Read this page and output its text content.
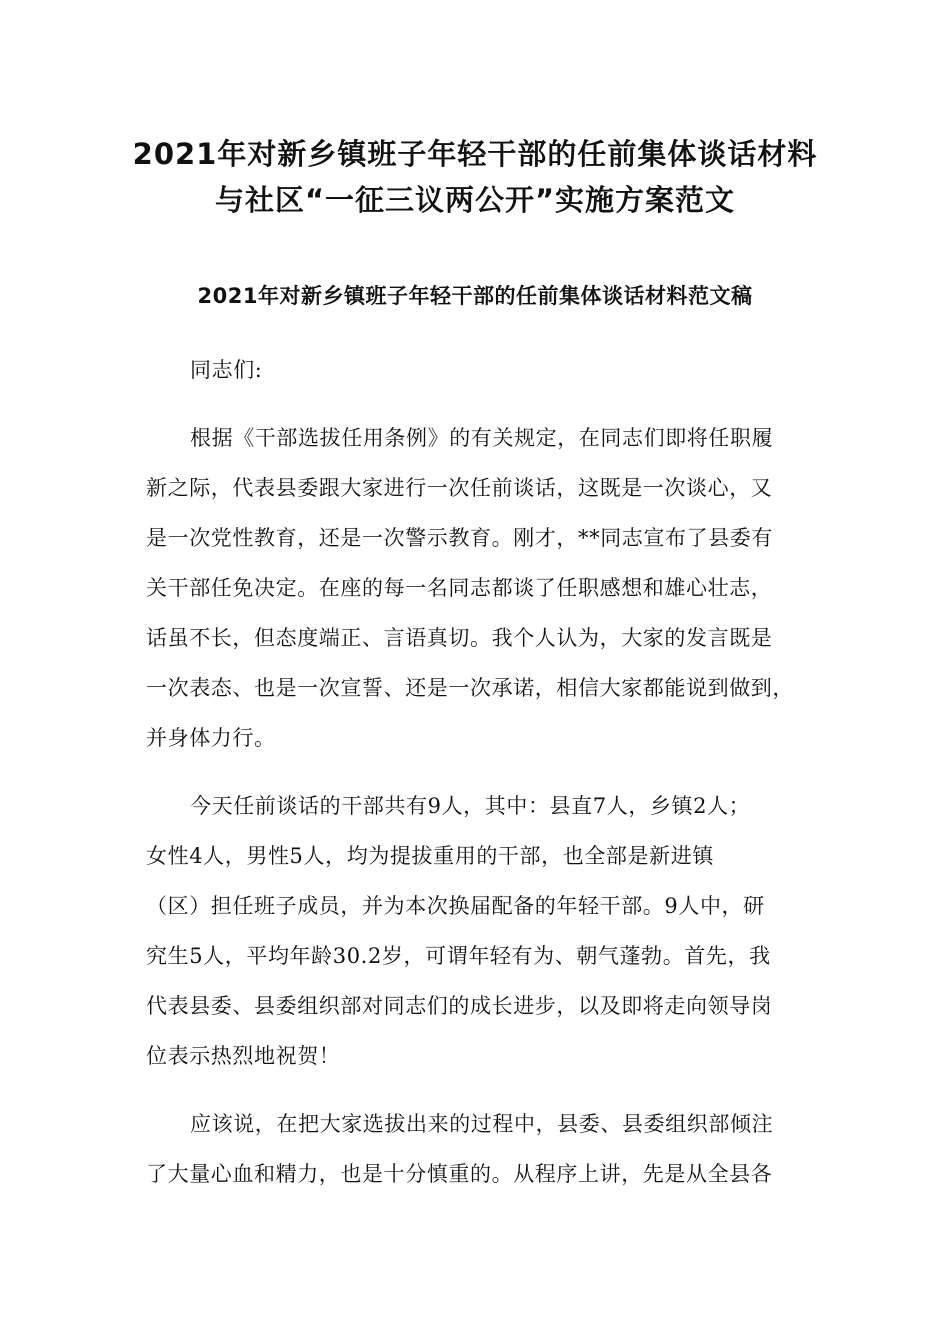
2021年对新乡镇班子年轻干部的任前集体谈话材料
与社区“一征三议两公开”实施方案范文
2021年对新乡镇班子年轻干部的任前集体谈话材料范文稿
同志们:
根据《干部选拔任用条例》的有关规定，在同志们即将任职履
新之际，代表县委跟大家进行一次任前谈话，这既是一次谈心，又
是一次党性教育，还是一次警示教育。刚才，**同志宣布了县委有
关干部任免决定。在座的每一名同志都谈了任职感想和雄心壮志，
话虽不长，但态度端正、言语真切。我个人认为，大家的发言既是
一次表态、也是一次宣誓、还是一次承诺，相信大家都能说到做到，
并身体力行。
今天任前谈话的干部共有9人，其中：县直7人，乡镇2人；
女性4人，男性5人，均为提拔重用的干部，也全部是新进镇
（区）担任班子成员，并为本次换届配备的年轻干部。9人中，研
究生5人，平均年龄30.2岁，可谓年轻有为、朝气蓬勃。首先，我
代表县委、县委组织部对同志们的成长进步，以及即将走向领导岗
位表示热烈地祝贺！
应该说，在把大家选拔出来的过程中，县委、县委组织部倾注
了大量心血和精力，也是十分慎重的。从程序上讲，先是从全县各
